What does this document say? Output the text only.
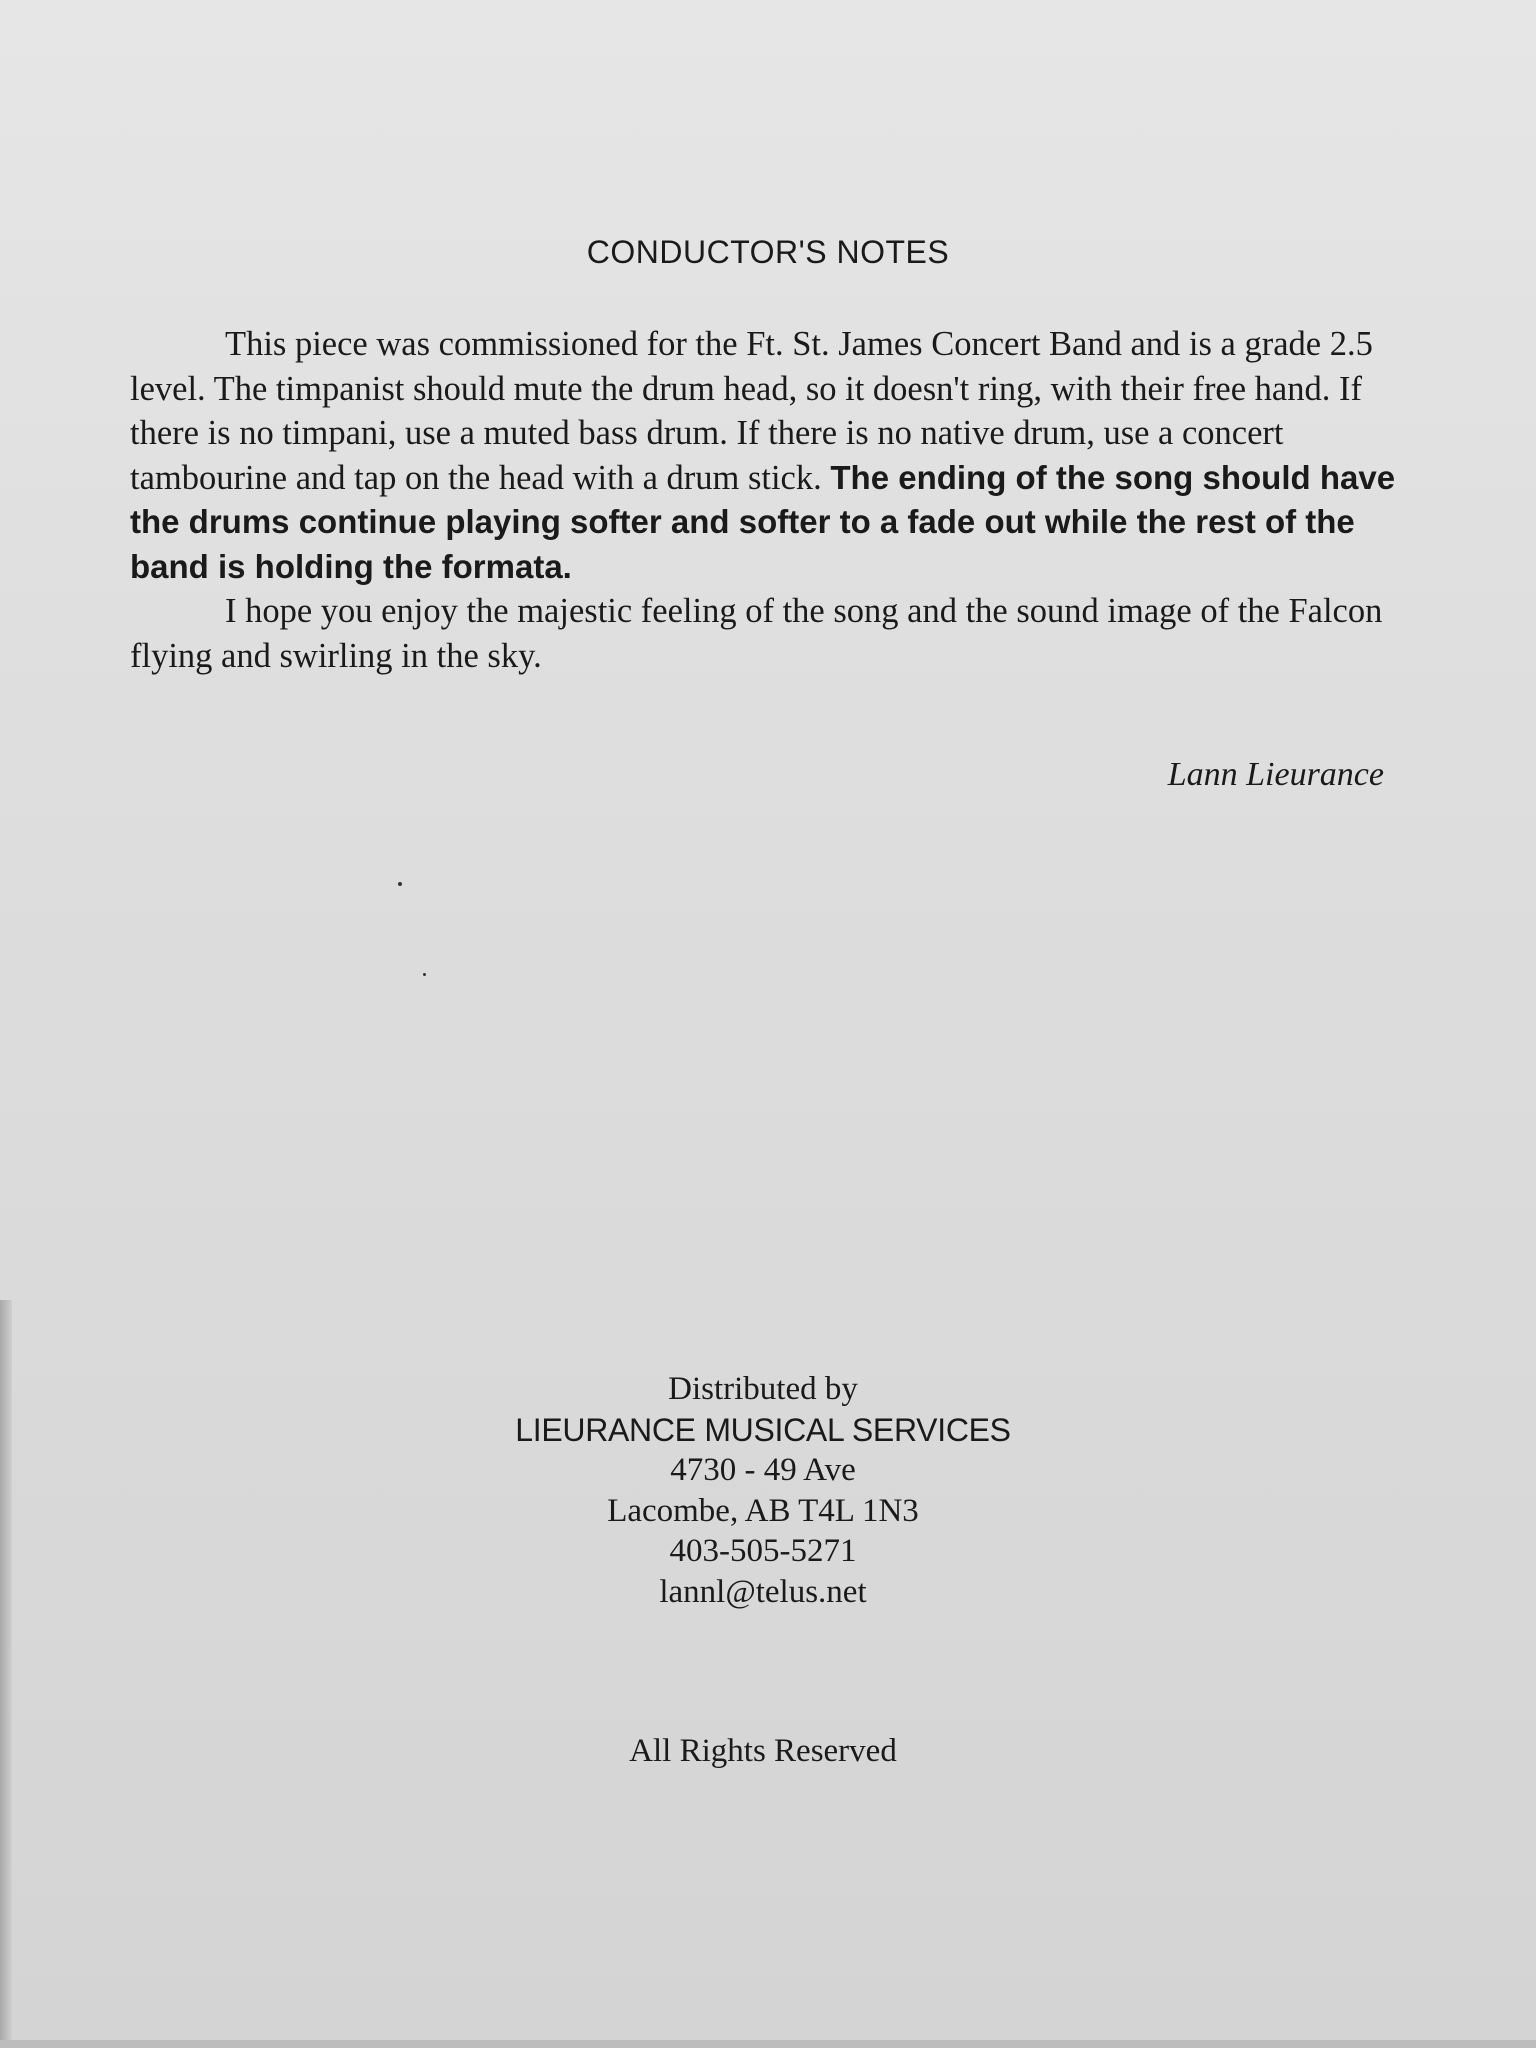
CONDUCTOR'S NOTES

This piece was commissioned for the Ft. St. James Concert Band and is a grade 2.5 level. The timpanist should mute the drum head, so it doesn't ring, with their free hand. If there is no timpani, use a muted bass drum. If there is no native drum, use a concert tambourine and tap on the head with a drum stick. The ending of the song should have the drums continue playing softer and softer to a fade out while the rest of the band is holding the formata.

I hope you enjoy the majestic feeling of the song and the sound image of the Falcon flying and swirling in the sky.

Lann Lieurance
Distributed by
LIEURANCE MUSICAL SERVICES
4730 - 49 Ave
Lacombe, AB T4L 1N3
403-505-5271
lannl@telus.net
All Rights Reserved
